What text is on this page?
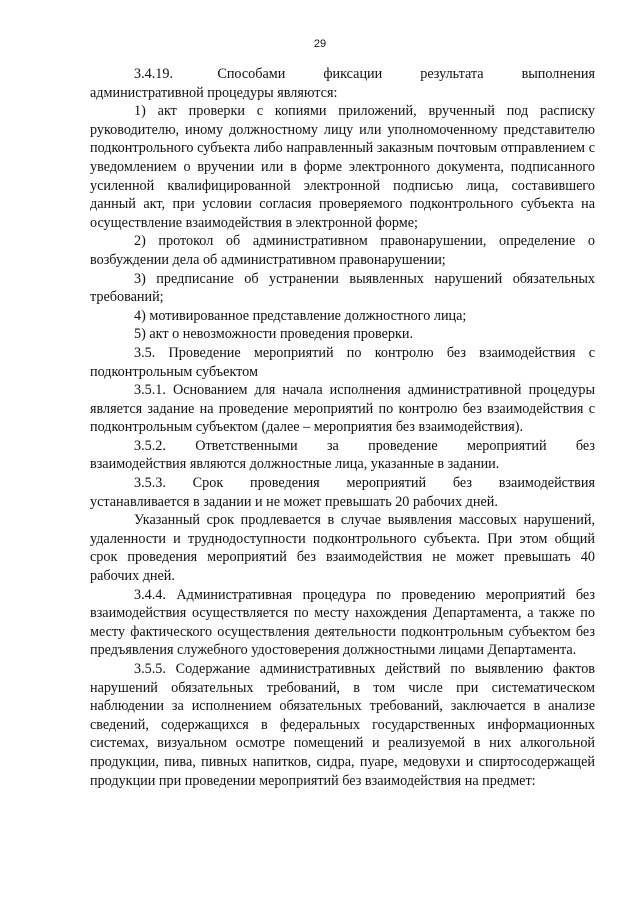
29

3.4.19.       Способами      фиксации      результата      выполнения административной процедуры являются:

1) акт проверки с копиями приложений, врученный под расписку руководителю, иному должностному лицу или уполномоченному представителю подконтрольного субъекта либо направленный заказным почтовым отправлением с уведомлением о вручении или в форме электронного документа, подписанного усиленной квалифицированной электронной подписью лица, составившего данный акт, при условии согласия проверяемого подконтрольного субъекта на осуществление взаимодействия в электронной форме;

2) протокол об административном правонарушении, определение о возбуждении дела об административном правонарушении;

3) предписание об устранении выявленных нарушений обязательных требований;

4) мотивированное представление должностного лица;

5) акт о невозможности проведения проверки.

3.5. Проведение мероприятий по контролю без взаимодействия с подконтрольным субъектом

3.5.1. Основанием для начала исполнения административной процедуры является задание на проведение мероприятий по контролю без взаимодействия с подконтрольным субъектом (далее – мероприятия без взаимодействия).

3.5.2.    Ответственными    за    проведение    мероприятий    без взаимодействия являются должностные лица, указанные в задании.

3.5.3.     Срок     проведения     мероприятий     без     взаимодействия устанавливается в задании и не может превышать 20 рабочих дней.

Указанный срок продлевается в случае выявления массовых нарушений, удаленности и труднодоступности подконтрольного субъекта. При этом общий срок проведения мероприятий без взаимодействия не может превышать 40 рабочих дней.

3.4.4. Административная процедура по проведению мероприятий без взаимодействия осуществляется по месту нахождения Департамента, а также по месту фактического осуществления деятельности подконтрольным субъектом без предъявления служебного удостоверения должностными лицами Департамента.

3.5.5. Содержание административных действий по выявлению фактов нарушений обязательных требований, в том числе при систематическом наблюдении за исполнением обязательных требований, заключается в анализе сведений, содержащихся в федеральных государственных информационных системах, визуальном осмотре помещений и реализуемой в них алкогольной продукции, пива, пивных напитков, сидра, пуаре, медовухи и спиртосодержащей продукции при проведении мероприятий без взаимодействия на предмет:
